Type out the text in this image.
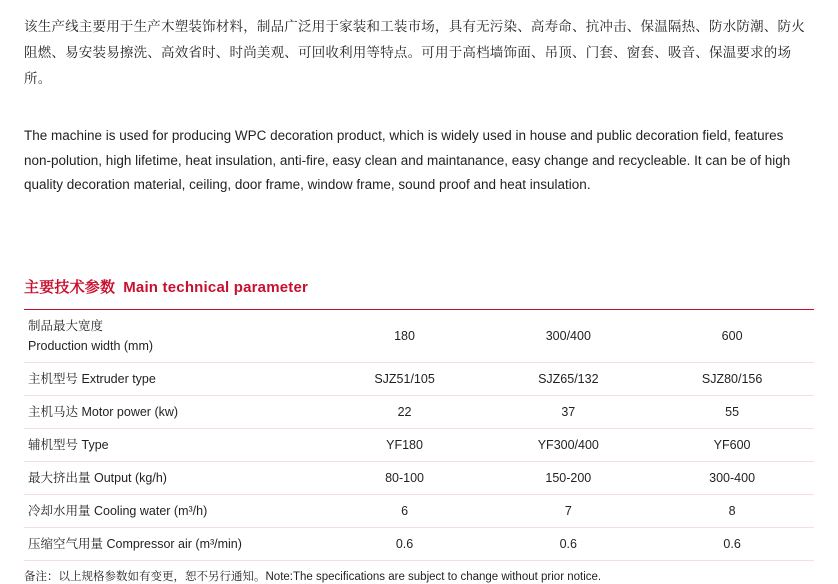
该生产线主要用于生产木塑装饰材料，制品广泛用于家装和工装市场，具有无污染、高寿命、抗冲击、保温隔热、防水防潮、防火阻燃、易安装易擦洗、高效省时、时尚美观、可回收利用等特点。可用于高档墙饰面、吊顶、门套、窗套、吸音、保温要求的场所。

The machine is used for producing WPC decoration product, which is widely used in house and public decoration field, features non-polution, high lifetime, heat insulation, anti-fire, easy clean and maintanance, easy change and recycleable. It can be of high quality decoration material, ceiling, door frame, window frame, sound proof and heat insulation.

主要技术参数 Main technical parameter
制品最大宽度
Production width (mm)	180	300/400	600
主机型号 Extruder type	SJZ51/105	SJZ65/132	SJZ80/156
主机马达 Motor power (kw)	22	37	55
辅机型号 Type	YF180	YF300/400	YF600
最大挤出量 Output (kg/h)	80-100	150-200	300-400
冷却水用量 Cooling water (m³/h)	6	7	8
压缩空气用量 Compressor air (m³/min)	0.6	0.6	0.6
备注：以上规格参数如有变更，恕不另行通知。Note:The specifications are subject to change without prior notice.
